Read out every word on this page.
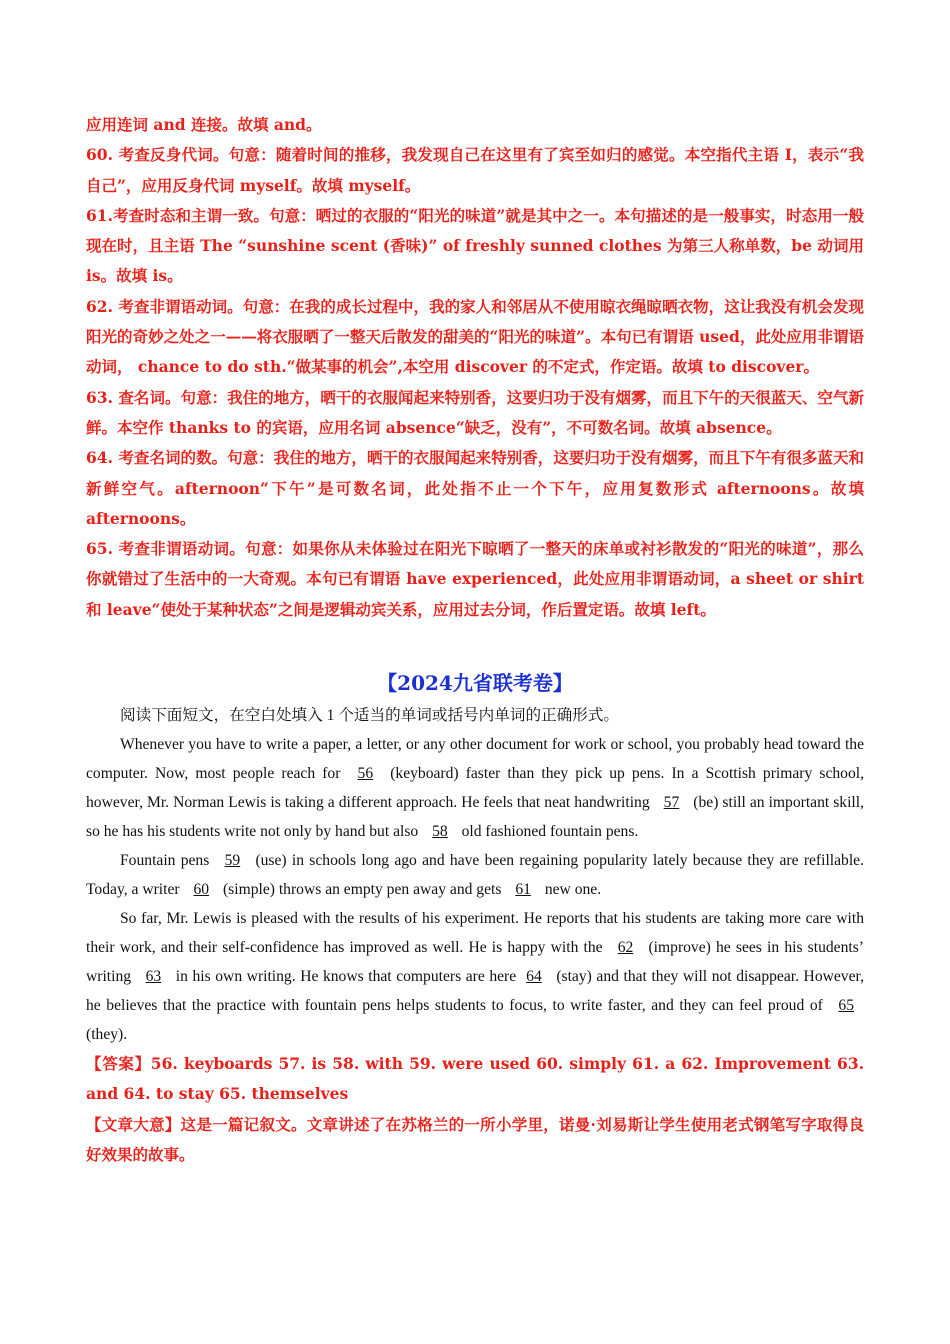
应用连词 and 连接。故填 and。

60. 考查反身代词。句意：随着时间的推移，我发现自己在这里有了宾至如归的感觉。本空指代主语 I，表示“我自己”，应用反身代词 myself。故填 myself。

61.考查时态和主谓一致。句意：晒过的衣服的“阳光的味道”就是其中之一。本句描述的是一般事实，时态用一般现在时，且主语 The “sunshine scent (香味)” of freshly sunned clothes 为第三人称单数，be 动词用 is。故填 is。

62. 考查非谓语动词。句意：在我的成长过程中，我的家人和邻居从不使用晾衣绳晾晒衣物，这让我没有机会发现阳光的奇妙之处之一——将衣服晒了一整天后散发的甜美的“阳光的味道”。本句已有谓语 used，此处应用非谓语动词， chance to do sth.“做某事的机会”,本空用 discover 的不定式，作定语。故填 to discover。

63. 查名词。句意：我住的地方，晒干的衣服闻起来特别香，这要归功于没有烟雾，而且下午的天很蓝天、空气新鲜。本空作 thanks to 的宾语，应用名词 absence“缺乏，没有”，不可数名词。故填 absence。

64. 考查名词的数。句意：我住的地方，晒干的衣服闻起来特别香，这要归功于没有烟雾，而且下午有很多蓝天和新鲜空气。afternoon“下午”是可数名词，此处指不止一个下午，应用复数形式 afternoons。故填 afternoons。

65. 考查非谓语动词。句意：如果你从未体验过在阳光下晾晒了一整天的床单或衬衫散发的“阳光的味道”，那么你就错过了生活中的一大奇观。本句已有谓语 have experienced，此处应用非谓语动词，a sheet or shirt 和 leave“使处于某种状态”之间是逻辑动宾关系，应用过去分词，作后置定语。故填 left。

【2024九省联考卷】

阅读下面短文，在空白处填入 1 个适当的单词或括号内单词的正确形式。

Whenever you have to write a paper, a letter, or any other document for work or school, you probably head toward the computer. Now, most people reach for 56 (keyboard) faster than they pick up pens. In a Scottish primary school, however, Mr. Norman Lewis is taking a different approach. He feels that neat handwriting 57 (be) still an important skill, so he has his students write not only by hand but also 58 old fashioned fountain pens.

Fountain pens 59 (use) in schools long ago and have been regaining popularity lately because they are refillable. Today, a writer 60 (simple) throws an empty pen away and gets 61 new one.

So far, Mr. Lewis is pleased with the results of his experiment. He reports that his students are taking more care with their work, and their self-confidence has improved as well. He is happy with the 62 (improve) he sees in his students’ writing 63 in his own writing. He knows that computers are here 64 (stay) and that they will not disappear. However, he believes that the practice with fountain pens helps students to focus, to write faster, and they can feel proud of 65 (they).

【答案】56. keyboards 57. is 58. with 59. were used 60. simply 61. a 62. Improvement 63. and 64. to stay 65. themselves

【文章大意】这是一篇记叙文。文章讲述了在苏格兰的一所小学里，诺曼·刘易斯让学生使用老式钢笔写字取得良好效果的故事。
